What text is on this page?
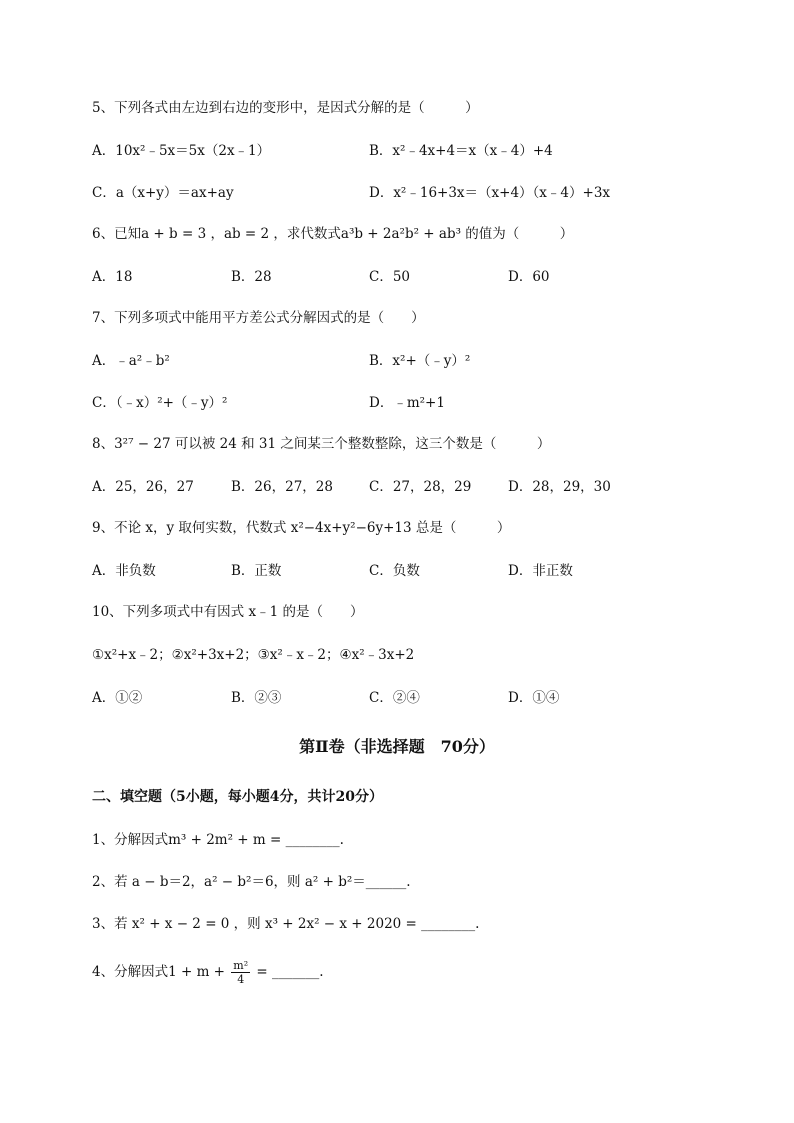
5、下列各式由左边到右边的变形中，是因式分解的是（　　　）
A．10x²﹣5x＝5x（2x﹣1）	B．x²﹣4x+4＝x（x﹣4）+4
C．a（x+y）＝ax+ay	D．x²﹣16+3x＝（x+4）（x﹣4）+3x
6、已知a + b = 3 ，ab = 2 ，求代数式a³b + 2a²b² + ab³ 的值为（　　　）
A．18	B．28	C．50	D．60
7、下列多项式中能用平方差公式分解因式的是（　　）
A．﹣a²﹣b²	B．x²+（﹣y）²
C．（﹣x）²+（﹣y）²	D．﹣m²+1
8、3²⁷ − 27 可以被 24 和 31 之间某三个整数整除，这三个数是（　　　）
A．25，26，27	B．26，27，28	C．27，28，29	D．28，29，30
9、不论 x，y 取何实数，代数式 x²−4x+y²−6y+13 总是（　　　）
A．非负数	B．正数	C．负数	D．非正数
10、下列多项式中有因式 x﹣1 的是（　　）
①x²+x﹣2；②x²+3x+2；③x²﹣x﹣2；④x²﹣3x+2
A．①②	B．②③	C．②④	D．①④
第Ⅱ卷（非选择题　70分）
二、填空题（5小题，每小题4分，共计20分）
1、分解因式m³ + 2m² + m = ________.
2、若 a − b＝2，a² − b²＝6，则 a² + b²＝______.
3、若 x² + x − 2 = 0 ，则 x³ + 2x² − x + 2020 = ________.
4、分解因式$1 + m + \frac{\text{m²}}{4}$ = _______.
